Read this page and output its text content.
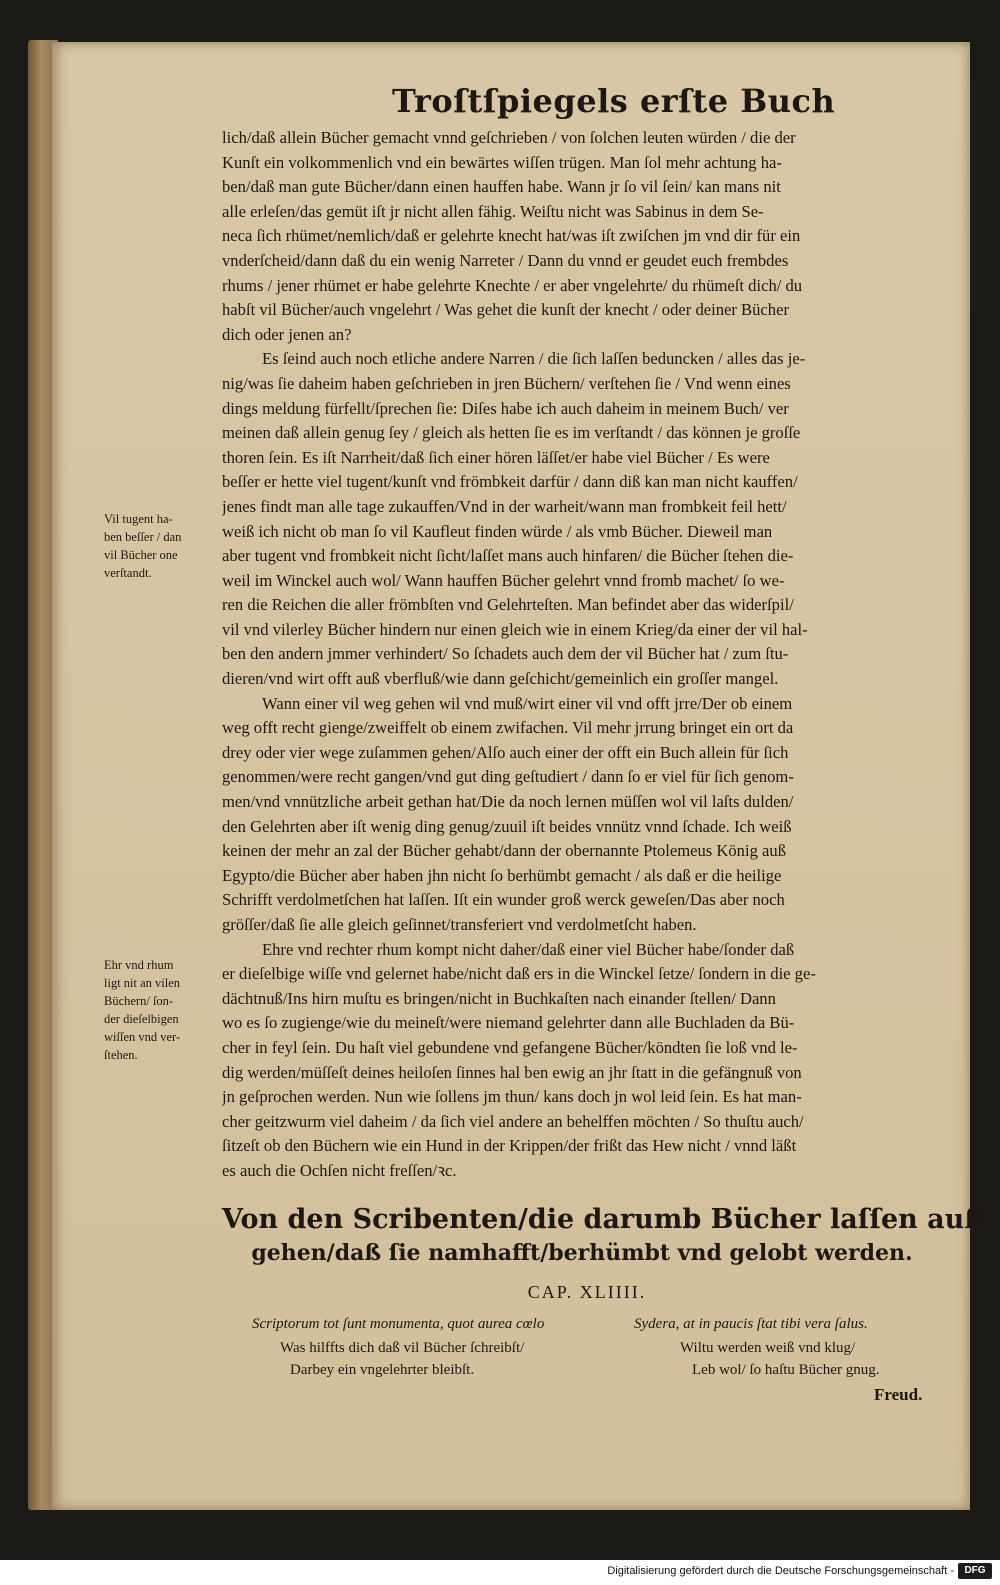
Troſtſpiegels erſte Buch
lich/daß allein Bücher gemacht vnnd geſchrieben / von ſolchen leuten würden / die der
Kunſt ein volkommenlich vnd ein bewärtes wiſſen trügen. Man ſol mehr achtung ha-
ben/daß man gute Bücher/dann einen hauffen habe. Wann jr ſo vil ſein/ kan mans nit
alle erleſen/das gemüt iſt jr nicht allen fähig. Weiſtu nicht was Sabinus in dem Se-
neca ſich rhümet/nemlich/daß er gelehrte knecht hat/was iſt zwiſchen jm vnd dir für ein
vnderſcheid/dann daß du ein wenig Narreter / Dann du vnnd er geudet euch frembdes
rhums / jener rhümet er habe gelehrte Knechte / er aber vngelehrte/ du rhümeſt dich/ du
habſt vil Bücher/auch vngelehrt / Was gehet die kunſt der knecht / oder deiner Bücher
dich oder jenen an?
Es ſeind auch noch etliche andere Narren / die ſich laſſen beduncken / alles das je-
nig/was ſie daheim haben geſchrieben in jren Büchern/ verſtehen ſie / Vnd wenn eines
dings meldung fürfellt/ſprechen ſie: Diſes habe ich auch daheim in meinem Buch/ ver
meinen daß allein genug ſey / gleich als hetten ſie es im verſtandt / das können je groſſe
thoren ſein. Es iſt Narrheit/daß ſich einer hören läſſet/er habe viel Bücher / Es were
beſſer er hette viel tugent/kunſt vnd frömbkeit darfür / dann diß kan man nicht kauffen/
jenes findt man alle tage zukauffen/Vnd in der warheit/wann man frombkeit feil hett/
weiß ich nicht ob man ſo vil Kaufleut finden würde / als vmb Bücher. Dieweil man
aber tugent vnd frombkeit nicht ſicht/laſſet mans auch hinfaren/ die Bücher ſtehen die-
weil im Winckel auch wol/ Wann hauffen Bücher gelehrt vnnd fromb machet/ ſo we-
ren die Reichen die aller frömbſten vnd Gelehrteſten. Man befindet aber das widerſpil/
vil vnd vilerley Bücher hindern nur einen gleich wie in einem Krieg/da einer der vil hal-
ben den andern jmmer verhindert/ So ſchadets auch dem der vil Bücher hat / zum ſtu-
dieren/vnd wirt offt auß vberfluß/wie dann geſchicht/gemeinlich ein groſſer mangel.
Wann einer vil weg gehen wil vnd muß/wirt einer vil vnd offt jrre/Der ob einem
weg offt recht gienge/zweiffelt ob einem zwifachen. Vil mehr jrrung bringet ein ort da
drey oder vier wege zuſammen gehen/Alſo auch einer der offt ein Buch allein für ſich
genommen/were recht gangen/vnd gut ding geſtudiert / dann ſo er viel für ſich genom-
men/vnd vnnützliche arbeit gethan hat/Die da noch lernen müſſen wol vil laſts dulden/
den Gelehrten aber iſt wenig ding genug/zuuil iſt beides vnnütz vnnd ſchade. Ich weiß
keinen der mehr an zal der Bücher gehabt/dann der obernannte Ptolemeus König auß
Egypto/die Bücher aber haben jhn nicht ſo berhümbt gemacht / als daß er die heilige
Schrifft verdolmetſchen hat laſſen. Iſt ein wunder groß werck geweſen/Das aber noch
gröſſer/daß ſie alle gleich geſinnet/transferiert vnd verdolmetſcht haben.
Ehre vnd rechter rhum kompt nicht daher/daß einer viel Bücher habe/ſonder daß
er dieſelbige wiſſe vnd gelernet habe/nicht daß ers in die Winckel ſetze/ ſondern in die ge-
dächtnuß/Ins hirn muſtu es bringen/nicht in Buchkaſten nach einander ſtellen/ Dann
wo es ſo zugienge/wie du meineſt/were niemand gelehrter dann alle Buchladen da Bü-
cher in feyl ſein. Du haſt viel gebundene vnd gefangene Bücher/köndten ſie loß vnd le-
dig werden/müſſeſt deines heiloſen ſinnes hal ben ewig an jhr ſtatt in die gefängnuß von
jn geſprochen werden. Nun wie ſollens jm thun/ kans doch jn wol leid ſein. Es hat man-
cher geitzwurm viel daheim / da ſich viel andere an behelffen möchten / So thuſtu auch/
ſitzeſt ob den Büchern wie ein Hund in der Krippen/der frißt das Hew nicht / vnnd läßt
es auch die Ochſen nicht freſſen/ꝛc.
Vil tugent ha-
ben beſſer / dan
vil Bücher one
verſtandt.
Ehr vnd rhum
ligt nit an vilen
Büchern/ ſon-
der dieſelbigen
wiſſen vnd ver-
ſtehen.
Von den Scribenten/die darumb Bücher laſſen auß
gehen/daß ſie namhafft/berhümbt vnd gelobt werden.
CAP. XLIIII.
Scriptorum tot ſunt monumenta, quot aurea cœlo	Sydera, at in paucis ſtat tibi vera ſalus.
Was hilffts dich daß vil Bücher ſchreibſt/
Darbey ein vngelehrter bleibſt.
Wiltu werden weiß vnd klug/
Leb wol/ ſo haſtu Bücher gnug.
Freud.
Digitalisierung gefördert durch die Deutsche Forschungsgemeinschaft -	DFG
